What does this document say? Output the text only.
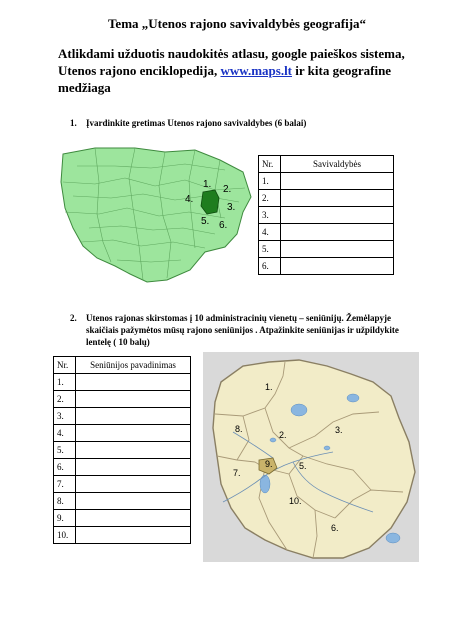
Tema „Utenos rajono savivaldybės geografija“
Atlikdami užduotis naudokitės atlasu, google paieškos sistema, Utenos rajono enciklopedija, www.maps.lt ir kita geografine medžiaga
1. Įvardinkite gretimas Utenos rajono savivaldybes (6 balai)
1. 2.
3.
4.
5. 6.
Nr.	Savivaldybės
1.	
2.	
3.	
4.	
5.	
6.	
2. Utenos rajonas skirstomas į 10 administracinių vienetų – seniūnijų. Žemėlapyje skaičiais pažymėtos mūsų rajono seniūnijos . Atpažinkite seniūnijas ir užpildykite lentelę ( 10 balų)
Nr.	Seniūnijos pavadinimas
1.	
2.	
3.	
4.	
5.	
6.	
7.	
8.	
9.	
10.	
1.
2.	3.
8.
9.	5.
7.
10.
6.
